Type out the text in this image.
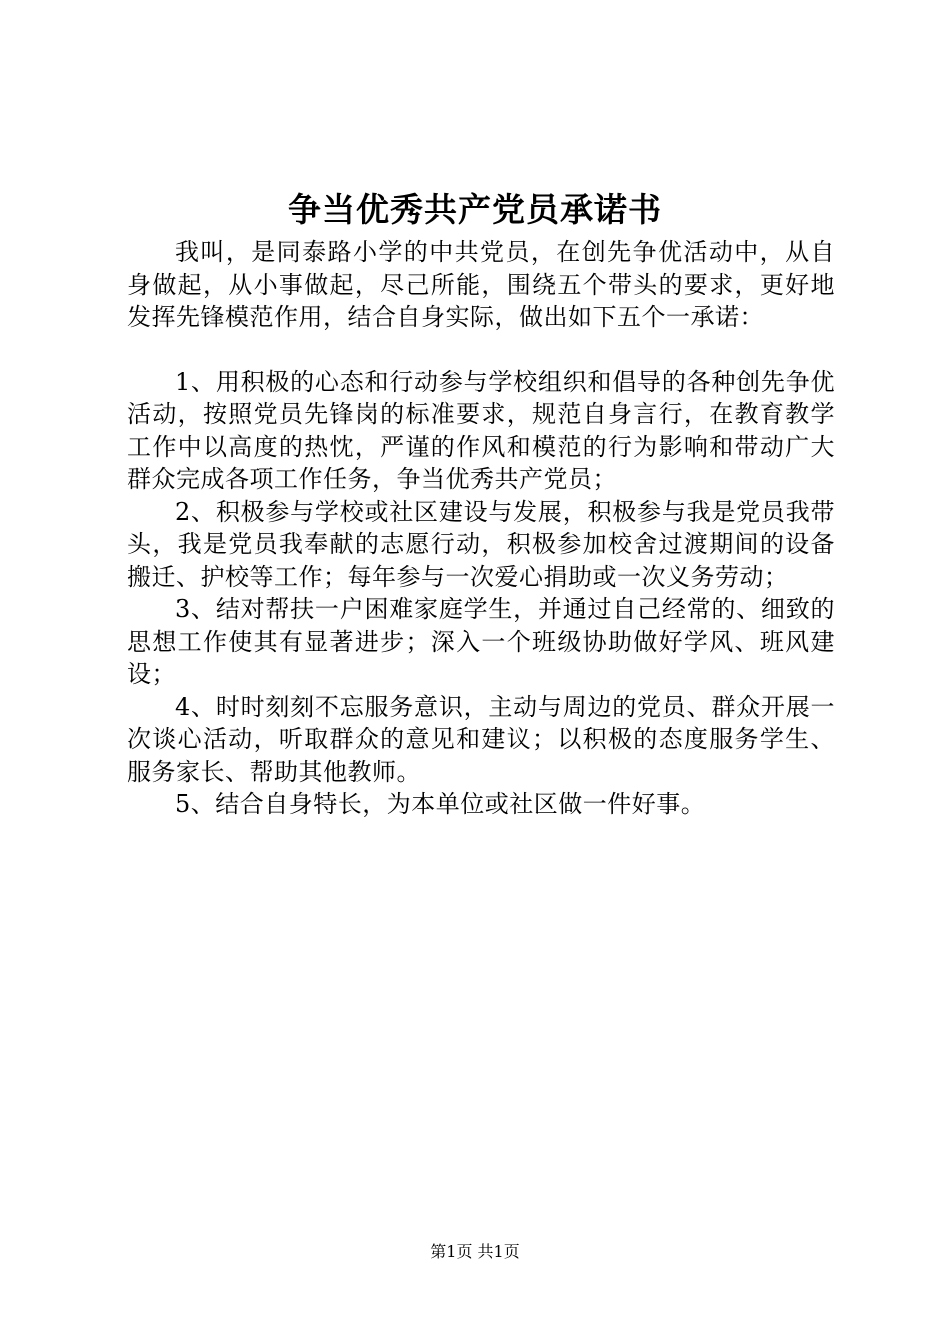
争当优秀共产党员承诺书

我叫，是同泰路小学的中共党员，在创先争优活动中，从自身做起，从小事做起，尽己所能，围绕五个带头的要求，更好地发挥先锋模范作用，结合自身实际，做出如下五个一承诺：

1、用积极的心态和行动参与学校组织和倡导的各种创先争优活动，按照党员先锋岗的标准要求，规范自身言行，在教育教学工作中以高度的热忱，严谨的作风和模范的行为影响和带动广大群众完成各项工作任务，争当优秀共产党员；

2、积极参与学校或社区建设与发展，积极参与我是党员我带头，我是党员我奉献的志愿行动，积极参加校舍过渡期间的设备搬迁、护校等工作；每年参与一次爱心捐助或一次义务劳动；

3、结对帮扶一户困难家庭学生，并通过自己经常的、细致的思想工作使其有显著进步；深入一个班级协助做好学风、班风建设；

4、时时刻刻不忘服务意识，主动与周边的党员、群众开展一次谈心活动，听取群众的意见和建议；以积极的态度服务学生、服务家长、帮助其他教师。

5、结合自身特长，为本单位或社区做一件好事。

第1页 共1页
